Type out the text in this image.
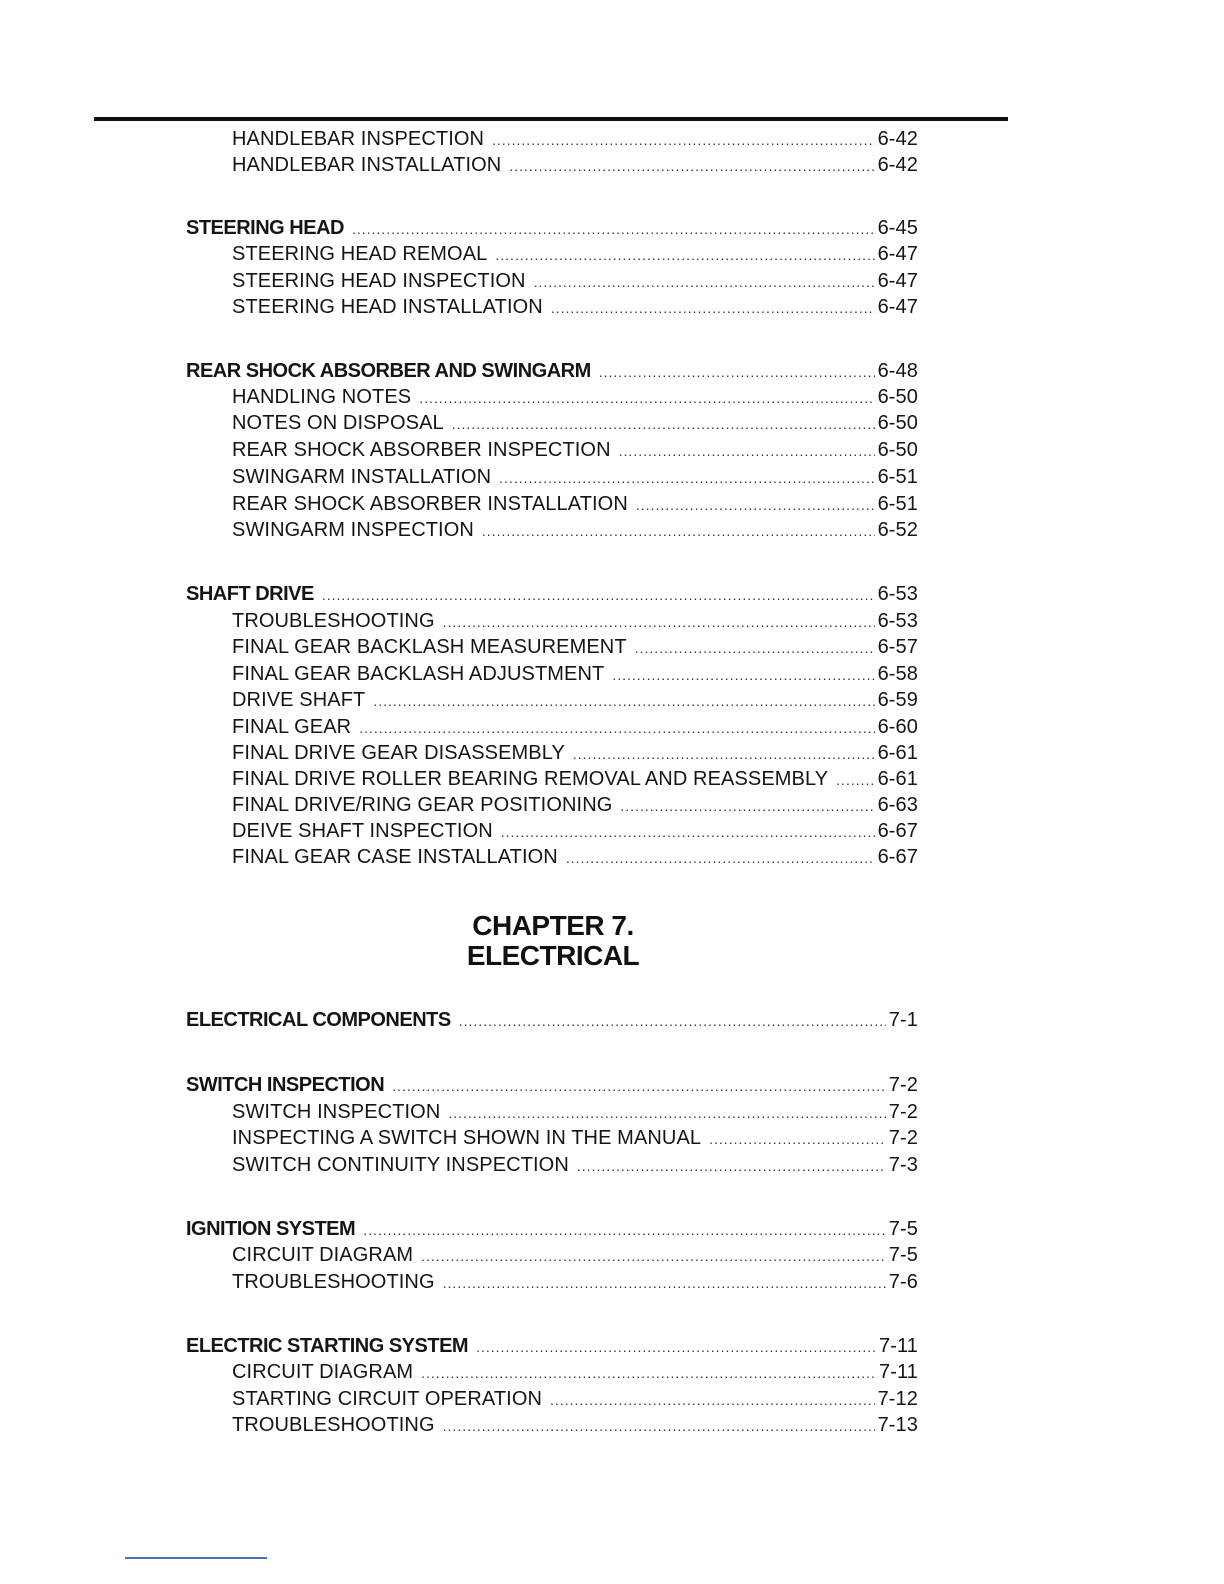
HANDLEBAR INSPECTION .....	6-42
HANDLEBAR INSTALLATION .....	6-42
STEERING HEAD .....	6-45
STEERING HEAD REMOAL .....	6-47
STEERING HEAD INSPECTION .....	6-47
STEERING HEAD INSTALLATION .....	6-47
REAR SHOCK ABSORBER AND SWINGARM .....	6-48
HANDLING NOTES .....	6-50
NOTES ON DISPOSAL .....	6-50
REAR SHOCK ABSORBER INSPECTION .....	6-50
SWINGARM INSTALLATION .....	6-51
REAR SHOCK ABSORBER INSTALLATION .....	6-51
SWINGARM INSPECTION .....	6-52
SHAFT DRIVE .....	6-53
TROUBLESHOOTING .....	6-53
FINAL GEAR BACKLASH MEASUREMENT .....	6-57
FINAL GEAR BACKLASH ADJUSTMENT .....	6-58
DRIVE SHAFT .....	6-59
FINAL GEAR .....	6-60
FINAL DRIVE GEAR DISASSEMBLY .....	6-61
FINAL DRIVE ROLLER BEARING REMOVAL AND REASSEMBLY ..... 6-61
FINAL DRIVE/RING GEAR POSITIONING .....	6-63
DEIVE SHAFT INSPECTION .....	6-67
FINAL GEAR CASE INSTALLATION .....	6-67
CHAPTER 7.
ELECTRICAL
ELECTRICAL COMPONENTS .....	7-1
SWITCH INSPECTION .....	7-2
SWITCH INSPECTION .....	7-2
INSPECTING A SWITCH SHOWN IN THE MANUAL .....	7-2
SWITCH CONTINUITY INSPECTION .....	7-3
IGNITION SYSTEM .....	7-5
CIRCUIT DIAGRAM .....	7-5
TROUBLESHOOTING .....	7-6
ELECTRIC STARTING SYSTEM .....	7-11
CIRCUIT DIAGRAM .....	7-11
STARTING CIRCUIT OPERATION .....	7-12
TROUBLESHOOTING .....	7-13
